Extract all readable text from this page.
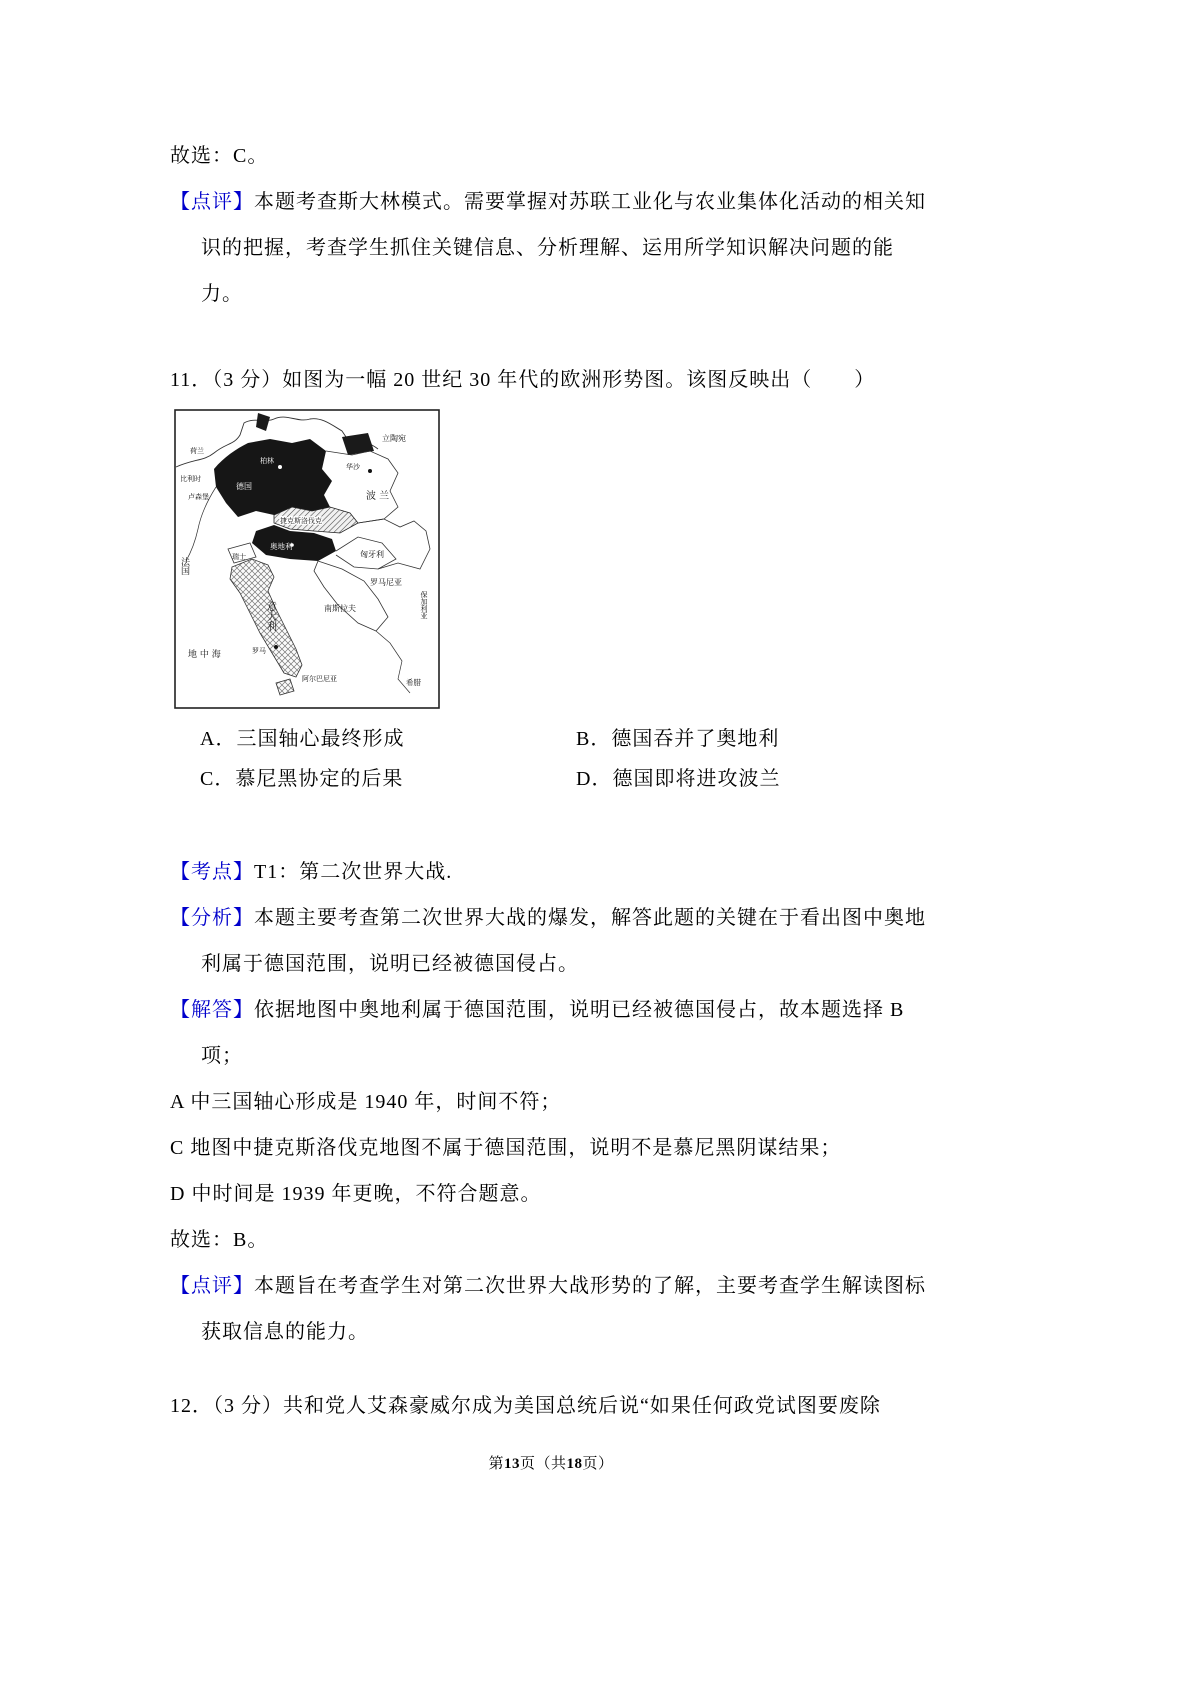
故选：C。

【点评】本题考查斯大林模式。需要掌握对苏联工业化与农业集体化活动的相关知识的把握，考查学生抓住关键信息、分析理解、运用所学知识解决问题的能力。

11．（3 分）如图为一幅 20 世纪 30 年代的欧洲形势图。该图反映出（　　）

立陶宛
华沙
波 兰
荷兰
比利时
卢森堡
德国
柏林
捷克斯洛伐克
法国	瑞士
奥地利
匈牙利
罗马尼亚
南斯拉夫	保加利亚
意大利
罗马
地 中 海
阿尔巴尼亚	希腊
A．三国轴心最终形成	B．德国吞并了奥地利
C．慕尼黑协定的后果	D．德国即将进攻波兰

【考点】T1：第二次世界大战.

【分析】本题主要考查第二次世界大战的爆发，解答此题的关键在于看出图中奥地利属于德国范围，说明已经被德国侵占。

【解答】依据地图中奥地利属于德国范围，说明已经被德国侵占，故本题选择 B项；

A 中三国轴心形成是 1940 年，时间不符；

C 地图中捷克斯洛伐克地图不属于德国范围，说明不是慕尼黑阴谋结果；

D 中时间是 1939 年更晚，不符合题意。

故选：B。

【点评】本题旨在考查学生对第二次世界大战形势的了解，主要考查学生解读图标获取信息的能力。

12．（3 分）共和党人艾森豪威尔成为美国总统后说“如果任何政党试图要废除

第13页（共18页）
